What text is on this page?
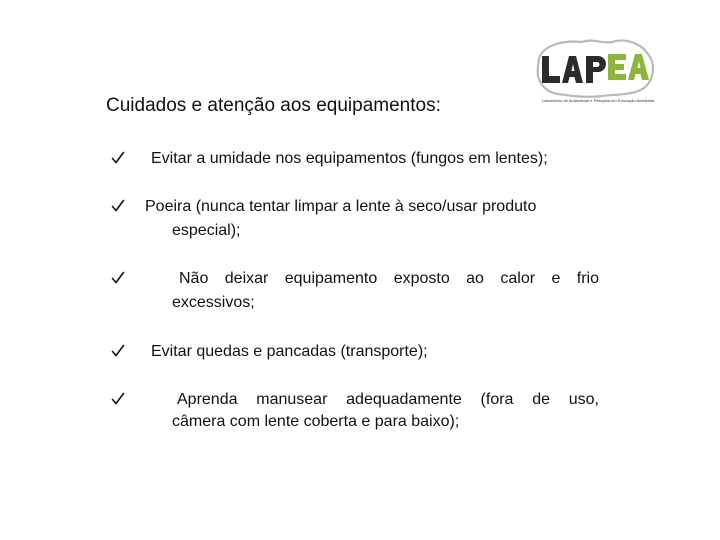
Cuidados e atenção aos equipamentos:	Laboratório de Audiovisual e Pesquisa em Educação Ambiental
Evitar a umidade nos equipamentos (fungos em lentes);
Poeira (nunca tentar limpar a lente à seco/usar produto
especial);
Não deixar equipamento exposto ao calor e frio
excessivos;
Evitar quedas e pancadas (transporte);
Aprenda manusear adequadamente (fora de uso,
câmera com lente coberta e para baixo);
